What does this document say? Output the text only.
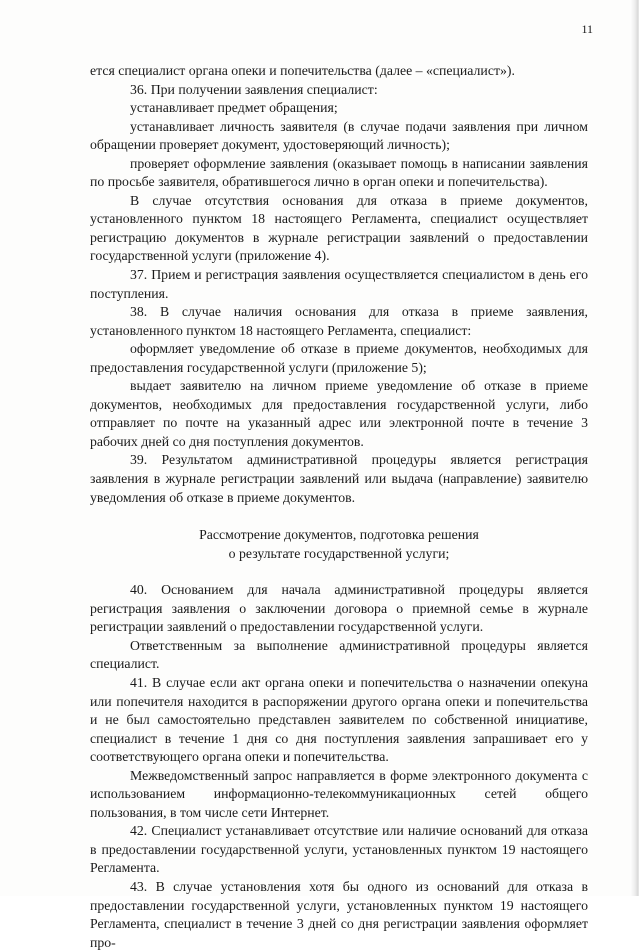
11

ется специалист органа опеки и попечительства (далее – «специалист»).

36. При получении заявления специалист:

устанавливает предмет обращения;

устанавливает личность заявителя (в случае подачи заявления при личном обращении проверяет документ, удостоверяющий личность);

проверяет оформление заявления (оказывает помощь в написании заявления по просьбе заявителя, обратившегося лично в орган опеки и попечительства).

В случае отсутствия основания для отказа в приеме документов, установленного пунктом 18 настоящего Регламента, специалист осуществляет регистрацию документов в журнале регистрации заявлений о предоставлении государственной услуги (приложение 4).

37. Прием и регистрация заявления осуществляется специалистом в день его поступления.

38. В случае наличия основания для отказа в приеме заявления, установленного пунктом 18 настоящего Регламента, специалист:

оформляет уведомление об отказе в приеме документов, необходимых для предоставления государственной услуги (приложение 5);

выдает заявителю на личном приеме уведомление об отказе в приеме документов, необходимых для предоставления государственной услуги, либо отправляет по почте на указанный адрес или электронной почте в течение 3 рабочих дней со дня поступления документов.

39. Результатом административной процедуры является регистрация заявления в журнале регистрации заявлений или выдача (направление) заявителю уведомления об отказе в приеме документов.

Рассмотрение документов, подготовка решения
о результате государственной услуги;

40. Основанием для начала административной процедуры является регистрация заявления о заключении договора о приемной семье в журнале регистрации заявлений о предоставлении государственной услуги.

Ответственным за выполнение административной процедуры является специалист.

41. В случае если акт органа опеки и попечительства о назначении опекуна или попечителя находится в распоряжении другого органа опеки и попечительства и не был самостоятельно представлен заявителем по собственной инициативе, специалист в течение 1 дня со дня поступления заявления запрашивает его у соответствующего органа опеки и попечительства.

Межведомственный запрос направляется в форме электронного документа с использованием информационно-телекоммуникационных сетей общего пользования, в том числе сети Интернет.

42. Специалист устанавливает отсутствие или наличие оснований для отказа в предоставлении государственной услуги, установленных пунктом 19 настоящего Регламента.

43. В случае установления хотя бы одного из оснований для отказа в предоставлении государственной услуги, установленных пунктом 19 настоящего Регламента, специалист в течение 3 дней со дня регистрации заявления оформляет про-
